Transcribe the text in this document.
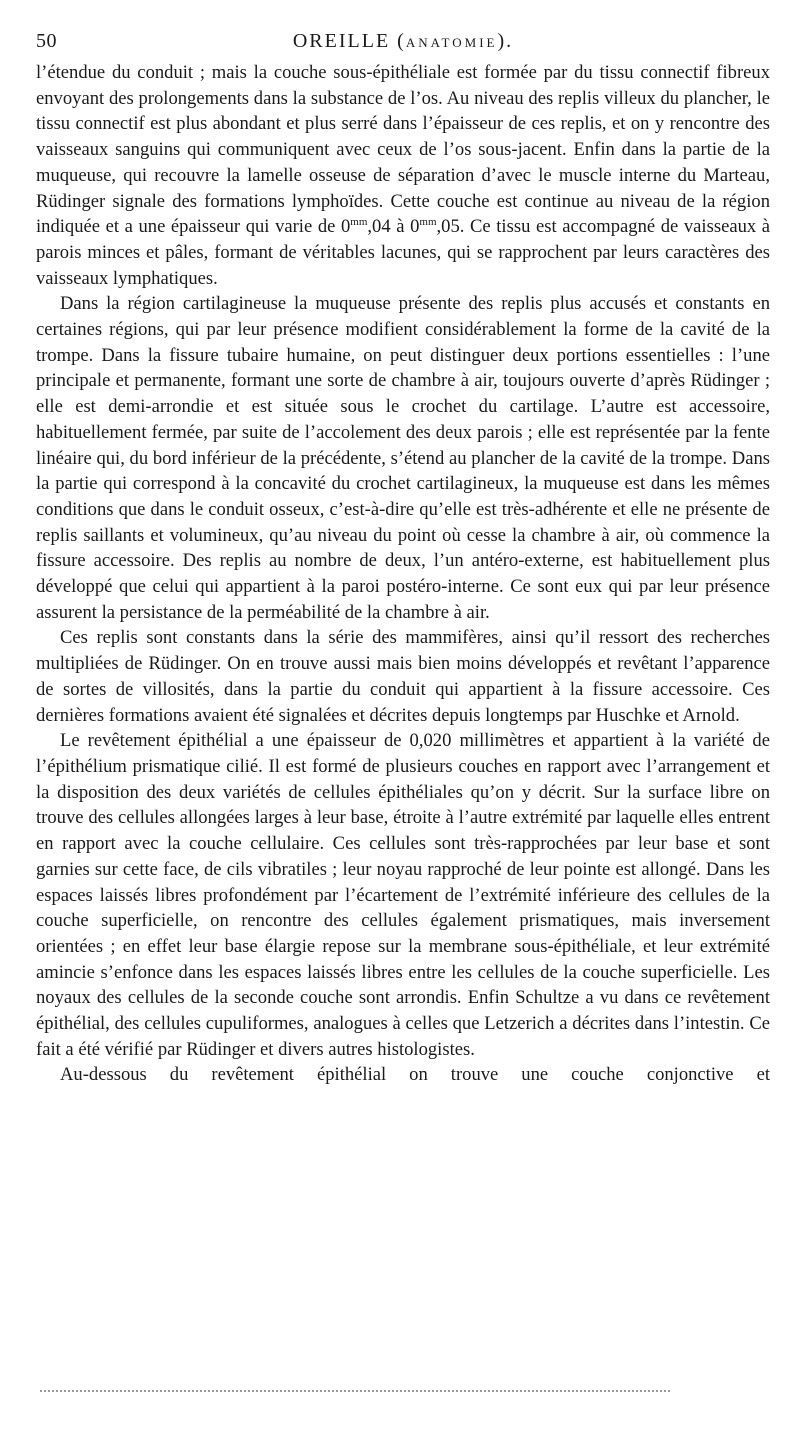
50	OREILLE (ANATOMIE).

l’étendue du conduit ; mais la couche sous-épithéliale est formée par du tissu connectif fibreux envoyant des prolongements dans la substance de l’os. Au niveau des replis villeux du plancher, le tissu connectif est plus abondant et plus serré dans l’épaisseur de ces replis, et on y rencontre des vaisseaux sanguins qui communiquent avec ceux de l’os sous-jacent. Enfin dans la partie de la muqueuse, qui recouvre la lamelle osseuse de séparation d’avec le muscle interne du Marteau, Rüdinger signale des formations lymphoïdes. Cette couche est continue au niveau de la région indiquée et a une épaisseur qui varie de $0^{mm},04$ à $0^{mm},05$. Ce tissu est accompagné de vaisseaux à parois minces et pâles, formant de véritables lacunes, qui se rapprochent par leurs caractères des vaisseaux lymphatiques.

Dans la région cartilagineuse la muqueuse présente des replis plus accusés et constants en certaines régions, qui par leur présence modifient considérablement la forme de la cavité de la trompe. Dans la fissure tubaire humaine, on peut distinguer deux portions essentielles : l’une principale et permanente, formant une sorte de chambre à air, toujours ouverte d’après Rüdinger ; elle est demi-arrondie et est située sous le crochet du cartilage. L’autre est accessoire, habituellement fermée, par suite de l’accolement des deux parois ; elle est représentée par la fente linéaire qui, du bord inférieur de la précédente, s’étend au plancher de la cavité de la trompe. Dans la partie qui correspond à la concavité du crochet cartilagineux, la muqueuse est dans les mêmes conditions que dans le conduit osseux, c’est-à-dire qu’elle est très-adhérente et elle ne présente de replis saillants et volumineux, qu’au niveau du point où cesse la chambre à air, où commence la fissure accessoire. Des replis au nombre de deux, l’un antéro-externe, est habituellement plus développé que celui qui appartient à la paroi postéro-interne. Ce sont eux qui par leur présence assurent la persistance de la perméabilité de la chambre à air.

Ces replis sont constants dans la série des mammifères, ainsi qu’il ressort des recherches multipliées de Rüdinger. On en trouve aussi mais bien moins développés et revêtant l’apparence de sortes de villosités, dans la partie du conduit qui appartient à la fissure accessoire. Ces dernières formations avaient été signalées et décrites depuis longtemps par Huschke et Arnold.

Le revêtement épithélial a une épaisseur de 0,020 millimètres et appartient à la variété de l’épithélium prismatique cilié. Il est formé de plusieurs couches en rapport avec l’arrangement et la disposition des deux variétés de cellules épithéliales qu’on y décrit. Sur la surface libre on trouve des cellules allongées larges à leur base, étroite à l’autre extrémité par laquelle elles entrent en rapport avec la couche cellulaire. Ces cellules sont très-rapprochées par leur base et sont garnies sur cette face, de cils vibratiles ; leur noyau rapproché de leur pointe est allongé. Dans les espaces laissés libres profondément par l’écartement de l’extrémité inférieure des cellules de la couche superficielle, on rencontre des cellules également prismatiques, mais inversement orientées ; en effet leur base élargie repose sur la membrane sous-épithéliale, et leur extrémité amincie s’enfonce dans les espaces laissés libres entre les cellules de la couche superficielle. Les noyaux des cellules de la seconde couche sont arrondis. Enfin Schultze a vu dans ce revêtement épithélial, des cellules cupuliformes, analogues à celles que Letzerich a décrites dans l’intestin. Ce fait a été vérifié par Rüdinger et divers autres histologistes.

Au-dessous du revêtement épithélial on trouve une couche conjonctive et
